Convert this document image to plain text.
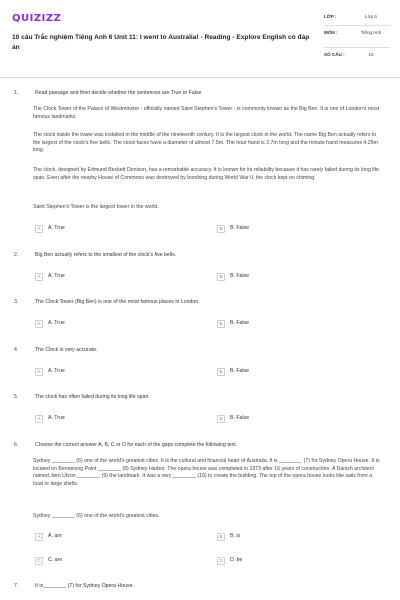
QUIZIZZ
10 câu Trắc nghiệm Tiếng Anh 6 Unit 11: I went to Australia! - Reading - Explore English có đáp án
LỚP :	Lớp 6
MÔN :	Tiếng Anh
SỐ CÂU :	10
1.	Read passage and then decide whether the sentences are True or False
The Clock Tower of the Palace of Westminster - officially named Saint Stephen's Tower - is commonly known as the Big Ben. It is one of London's most famous landmarks.
The clock inside the tower was installed in the middle of the nineteenth century. It is the largest clock in the world. The name Big Ben actually refers to the largest of the clock's five bells. The clock faces have a diameter of almost 7.5m. The hour hand is 2.7m long and the minute hand measures 4.25m long.
The clock, designed by Edmund Beckett Denison, has a remarkable accuracy. It is known for its reliability because it has rarely failed during its long life span. Even after the nearby House of Commons was destroyed by bombing during World War II, the clock kept on chiming.
Saint Stephen's Tower is the largest tower in the world.
A	A. True	B	B. False
2.	Big Ben actually refers to the smallest of the clock's five bells.
A	A. True	B	B. False
3.	The Clock Tower (Big Ben) is one of the most famous places in London.
A	A. True	B	B. False
4.	The Clock is very accurate.
A	A. True	B	B. False
5.	The clock has often failed during its long life span.
A	A. True	B	B. False
6.	Choose the correct answer A, B, C or D for each of the gaps complete the following text.
Sydney ________ (6) one of the world's greatest cities. It is the cultural and financial heart of Australia. It is ________ (7) for Sydney Opera House. It is located on Bennelong Point ________ (8) Sydney Harbor. The opera house was completed in 1973 after 16 years of construction. A Danish architect named Jørn Utzon ________ (9) the landmark. It was a very ________ (10) to create the building. The top of the opera house looks like sails from a boat or large shells.
Sydney ________ (6) one of the world's greatest cities.
A	A. am	B	B. is
C	C. are	D	D. be
7.	It is________ (7) for Sydney Opera House.
